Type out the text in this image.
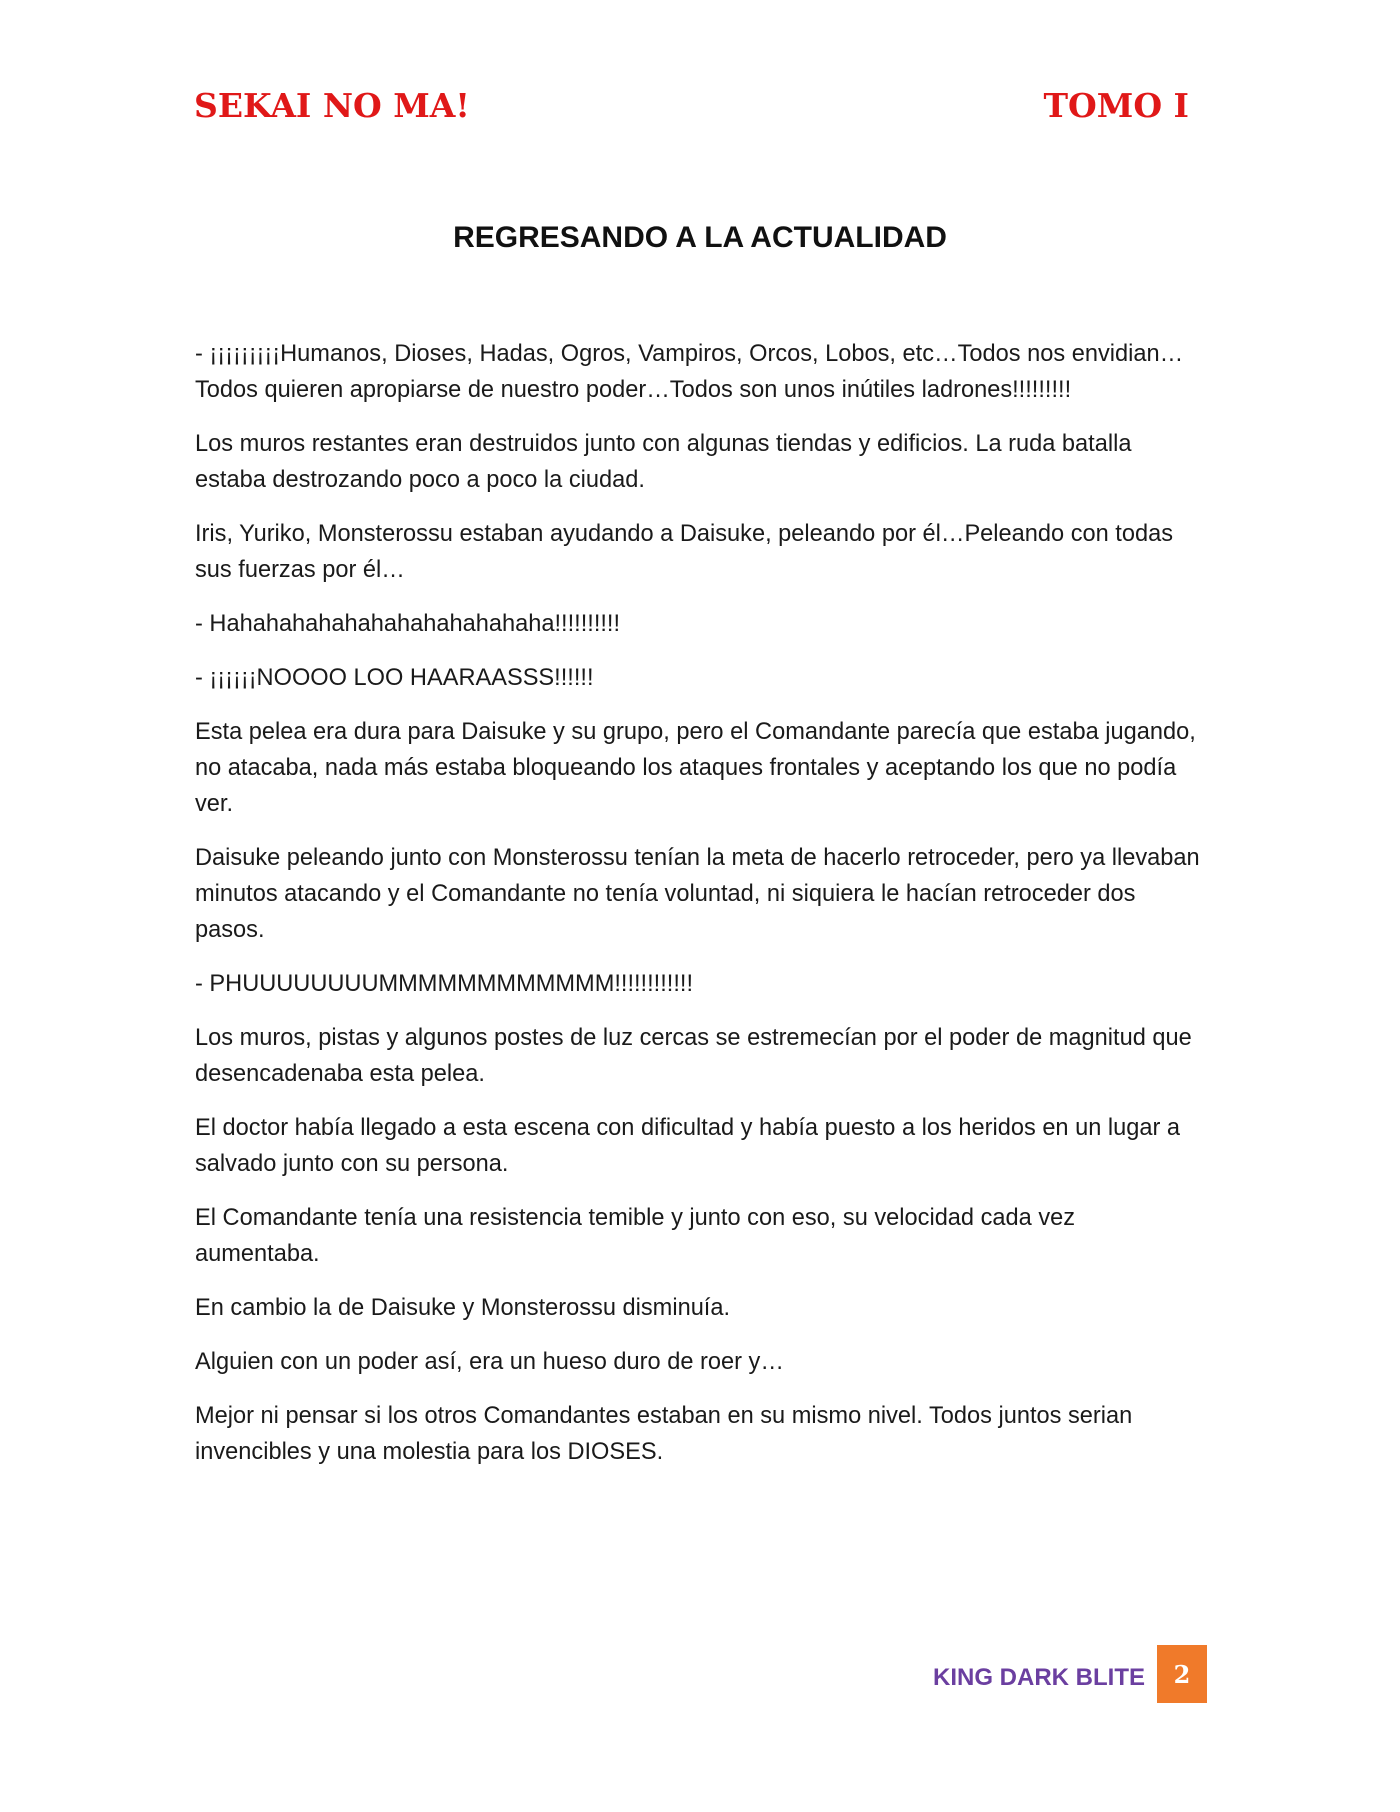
SEKAI NO MA!	TOMO I
REGRESANDO A LA ACTUALIDAD

- ¡¡¡¡¡¡¡¡¡Humanos, Dioses, Hadas, Ogros, Vampiros, Orcos, Lobos, etc…Todos nos envidian…Todos quieren apropiarse de nuestro poder…Todos son unos inútiles ladrones!!!!!!!!!

Los muros restantes eran destruidos junto con algunas tiendas y edificios. La ruda batalla estaba destrozando poco a poco la ciudad.

Iris, Yuriko, Monsterossu estaban ayudando a Daisuke, peleando por él…Peleando con todas sus fuerzas por él…

- Hahahahahahahahahahahahaha!!!!!!!!!!

- ¡¡¡¡¡¡NOOOO LOO HAARAASSS!!!!!!

Esta pelea era dura para Daisuke y su grupo, pero el Comandante parecía que estaba jugando, no atacaba, nada más estaba bloqueando los ataques frontales y aceptando los que no podía ver.

Daisuke peleando junto con Monsterossu tenían la meta de hacerlo retroceder, pero ya llevaban minutos atacando y el Comandante no tenía voluntad, ni siquiera le hacían retroceder dos pasos.

- PHUUUUUUUUMMMMMMMMMMMM!!!!!!!!!!!!

Los muros, pistas y algunos postes de luz cercas se estremecían por el poder de magnitud que desencadenaba esta pelea.

El doctor había llegado a esta escena con dificultad y había puesto a los heridos en un lugar a salvado junto con su persona.

El Comandante tenía una resistencia temible y junto con eso, su velocidad cada vez aumentaba.

En cambio la de Daisuke y Monsterossu disminuía.

Alguien con un poder así, era un hueso duro de roer y…

Mejor ni pensar si los otros Comandantes estaban en su mismo nivel. Todos juntos serian invencibles y una molestia para los DIOSES.

KING DARK BLITE	2
